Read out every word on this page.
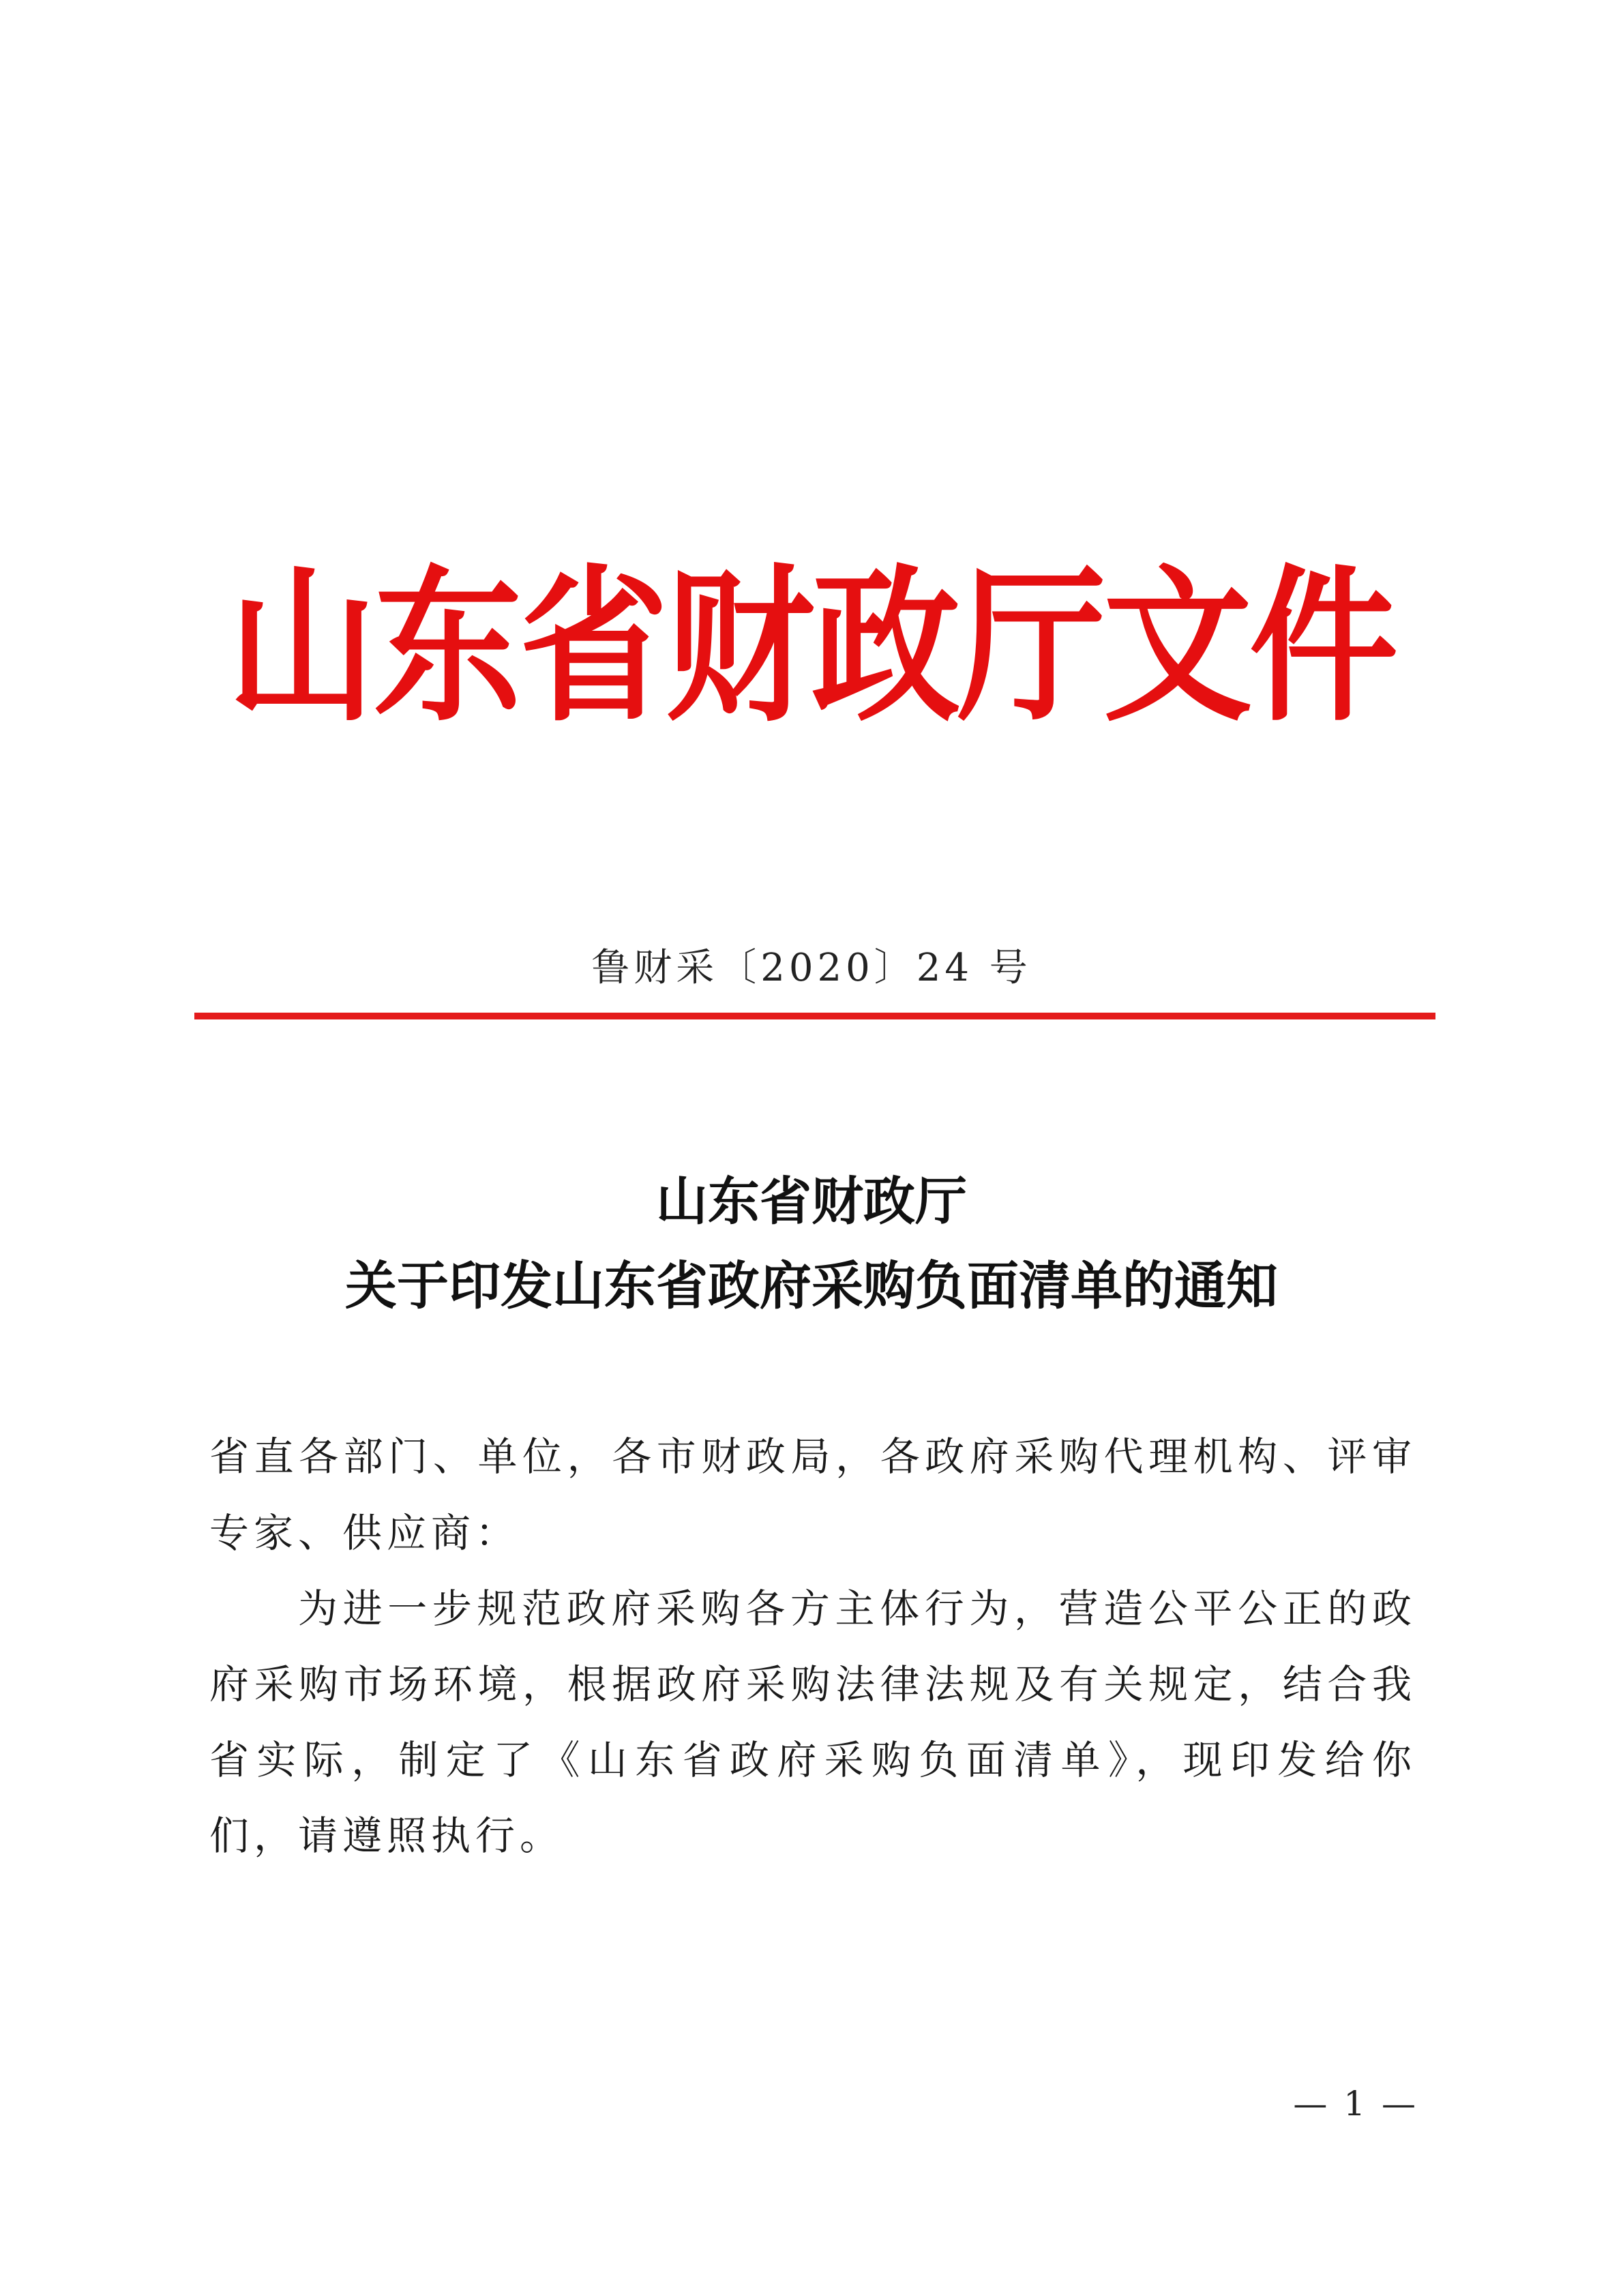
山东省财政厅文件
鲁财采〔2020〕24 号
山东省财政厅
关于印发山东省政府采购负面清单的通知
省直各部门、单位，各市财政局，各政府采购代理机构、评审专家、供应商：
为进一步规范政府采购各方主体行为，营造公平公正的政府采购市场环境，根据政府采购法律法规及有关规定，结合我省实际，制定了《山东省政府采购负面清单》，现印发给你们，请遵照执行。
— 1 —
